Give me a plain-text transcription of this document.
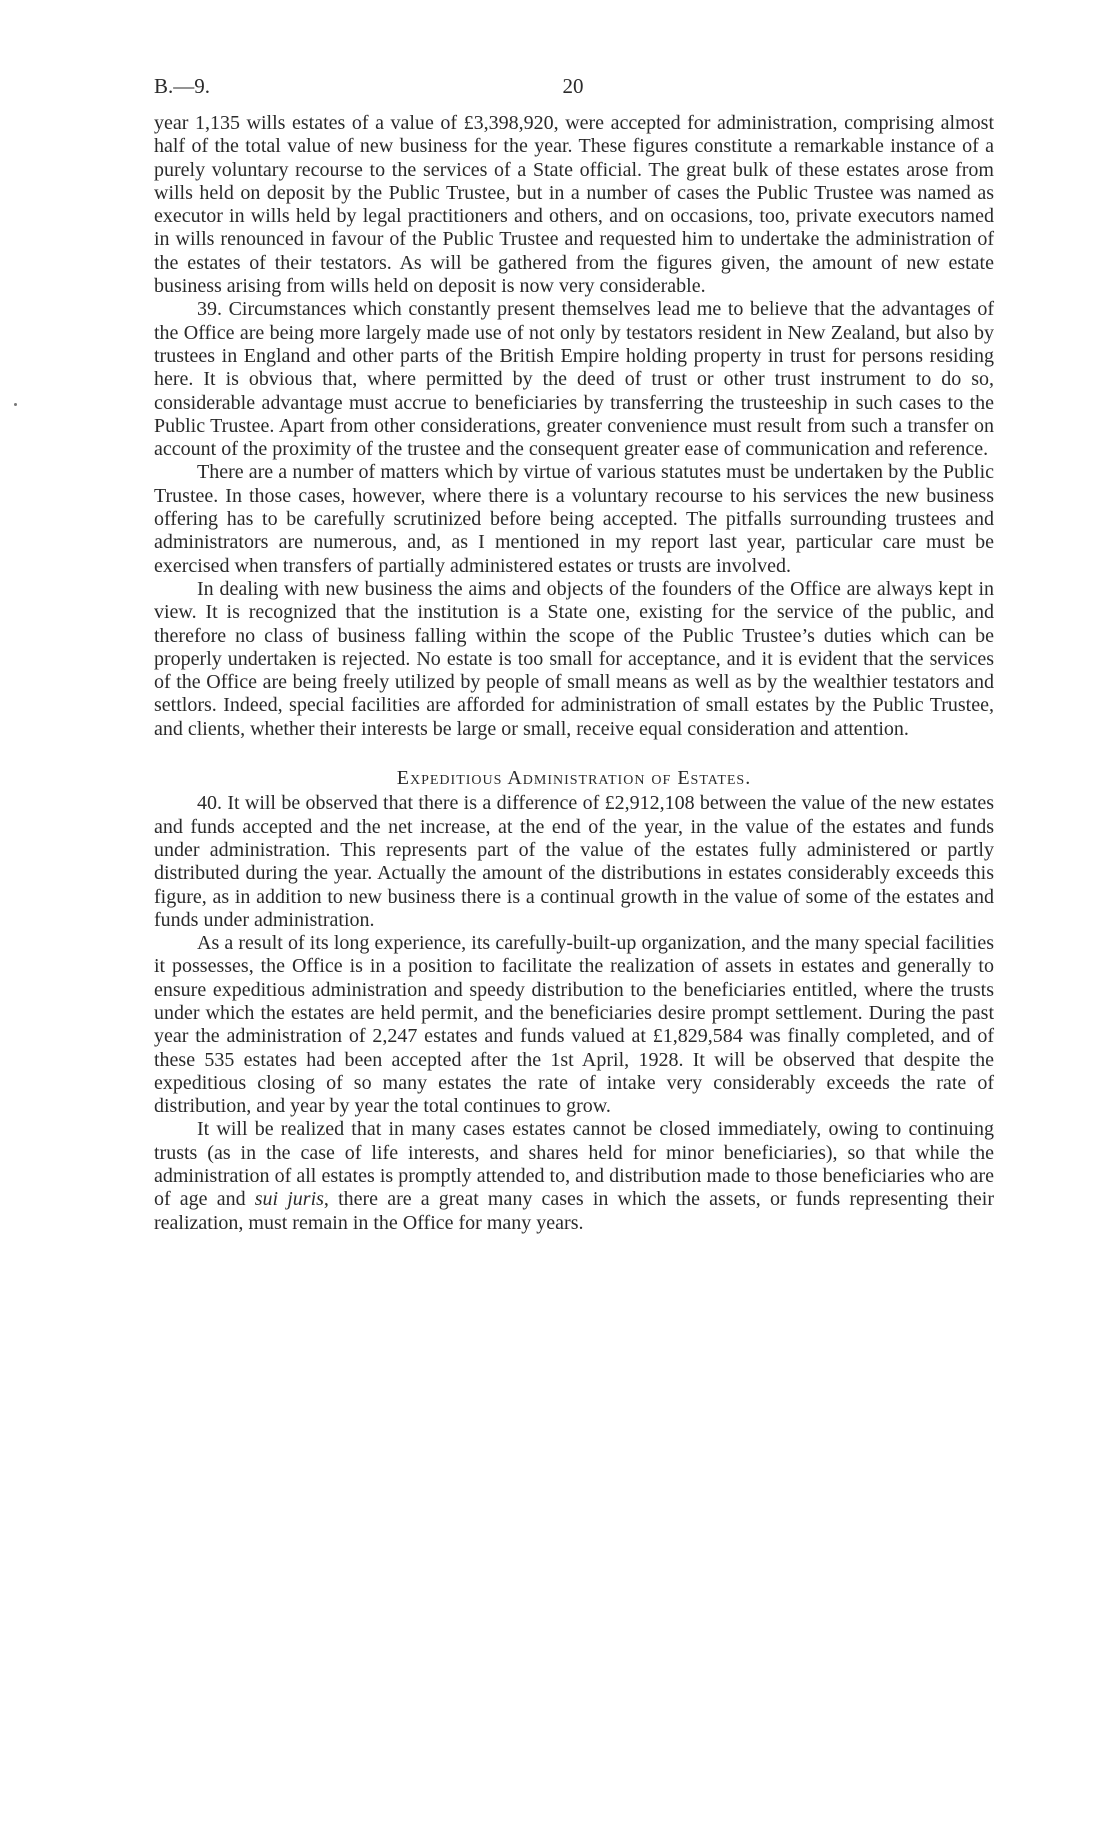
B.—9.	20

year 1,135 wills estates of a value of £3,398,920, were accepted for administration, comprising almost half of the total value of new business for the year. These figures constitute a remarkable instance of a purely voluntary recourse to the services of a State official. The great bulk of these estates arose from wills held on deposit by the Public Trustee, but in a number of cases the Public Trustee was named as executor in wills held by legal practitioners and others, and on occasions, too, private executors named in wills renounced in favour of the Public Trustee and requested him to undertake the administration of the estates of their testators. As will be gathered from the figures given, the amount of new estate business arising from wills held on deposit is now very considerable.

39. Circumstances which constantly present themselves lead me to believe that the advantages of the Office are being more largely made use of not only by testators resident in New Zealand, but also by trustees in England and other parts of the British Empire holding property in trust for persons residing here. It is obvious that, where permitted by the deed of trust or other trust instrument to do so, considerable advantage must accrue to beneficiaries by transferring the trusteeship in such cases to the Public Trustee. Apart from other considerations, greater convenience must result from such a transfer on account of the proximity of the trustee and the consequent greater ease of communication and reference.

There are a number of matters which by virtue of various statutes must be undertaken by the Public Trustee. In those cases, however, where there is a voluntary recourse to his services the new business offering has to be carefully scrutinized before being accepted. The pitfalls surrounding trustees and administrators are numerous, and, as I mentioned in my report last year, particular care must be exercised when transfers of partially administered estates or trusts are involved.

In dealing with new business the aims and objects of the founders of the Office are always kept in view. It is recognized that the institution is a State one, existing for the service of the public, and therefore no class of business falling within the scope of the Public Trustee’s duties which can be properly undertaken is rejected. No estate is too small for acceptance, and it is evident that the services of the Office are being freely utilized by people of small means as well as by the wealthier testators and settlors. Indeed, special facilities are afforded for administration of small estates by the Public Trustee, and clients, whether their interests be large or small, receive equal consideration and attention.

Expeditious Administration of Estates.

40. It will be observed that there is a difference of £2,912,108 between the value of the new estates and funds accepted and the net increase, at the end of the year, in the value of the estates and funds under administration. This represents part of the value of the estates fully administered or partly distributed during the year. Actually the amount of the distributions in estates considerably exceeds this figure, as in addition to new business there is a continual growth in the value of some of the estates and funds under administration.

As a result of its long experience, its carefully-built-up organization, and the many special facilities it possesses, the Office is in a position to facilitate the realization of assets in estates and generally to ensure expeditious administration and speedy distribution to the beneficiaries entitled, where the trusts under which the estates are held permit, and the beneficiaries desire prompt settlement. During the past year the administration of 2,247 estates and funds valued at £1,829,584 was finally completed, and of these 535 estates had been accepted after the 1st April, 1928. It will be observed that despite the expeditious closing of so many estates the rate of intake very considerably exceeds the rate of distribution, and year by year the total continues to grow.

It will be realized that in many cases estates cannot be closed immediately, owing to continuing trusts (as in the case of life interests, and shares held for minor beneficiaries), so that while the administration of all estates is promptly attended to, and distribution made to those beneficiaries who are of age and sui juris, there are a great many cases in which the assets, or funds representing their realization, must remain in the Office for many years.
